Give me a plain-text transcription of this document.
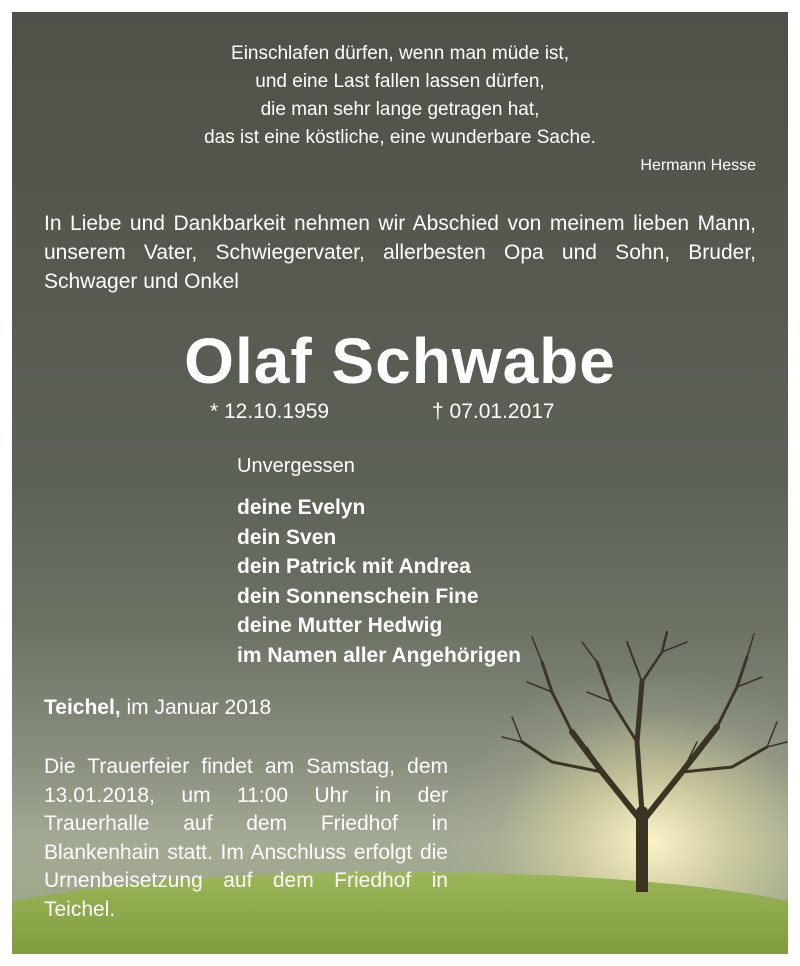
Einschlafen dürfen, wenn man müde ist,
und eine Last fallen lassen dürfen,
die man sehr lange getragen hat,
das ist eine köstliche, eine wunderbare Sache.
Hermann Hesse
In Liebe und Dankbarkeit nehmen wir Abschied von meinem lieben Mann, unserem Vater, Schwiegervater, allerbesten Opa und Sohn, Bruder, Schwager und Onkel
Olaf Schwabe
* 12.10.1959	† 07.01.2017
Unvergessen
deine Evelyn
dein Sven
dein Patrick mit Andrea
dein Sonnenschein Fine
deine Mutter Hedwig
im Namen aller Angehörigen
Teichel, im Januar 2018
Die Trauerfeier findet am Samstag, dem 13.01.2018, um 11:00 Uhr in der Trauerhalle auf dem Friedhof in Blankenhain statt. Im Anschluss erfolgt die Urnenbeisetzung auf dem Friedhof in Teichel.
